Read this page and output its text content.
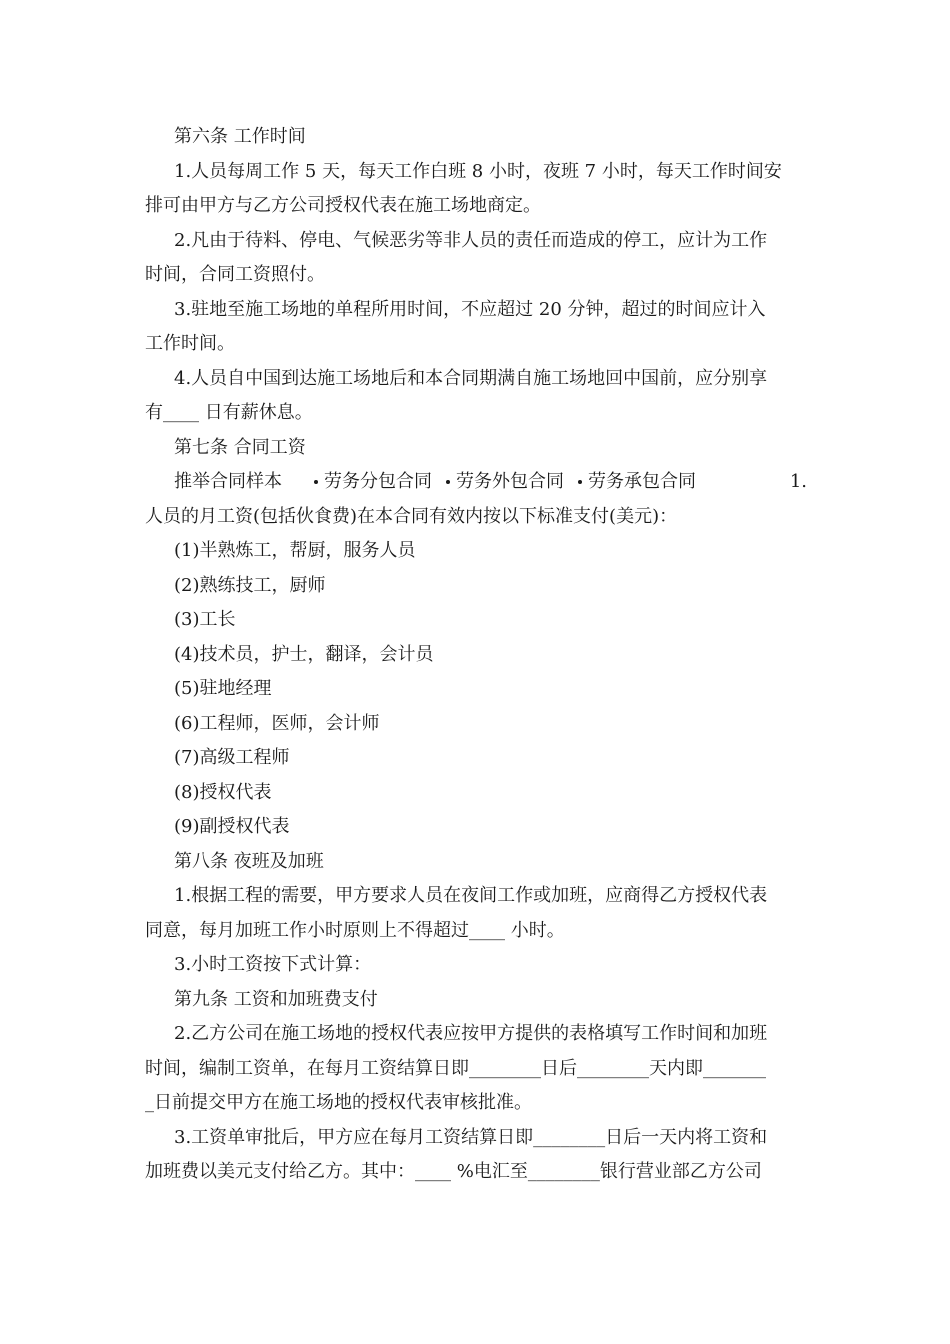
第六条 工作时间
1.人员每周工作 5 天，每天工作白班 8 小时，夜班 7 小时，每天工作时间安
排可由甲方与乙方公司授权代表在施工场地商定。
2.凡由于待料、停电、气候恶劣等非人员的责任而造成的停工，应计为工作
时间，合同工资照付。
3.驻地至施工场地的单程所用时间，不应超过 20 分钟，超过的时间应计入
工作时间。
4.人员自中国到达施工场地后和本合同期满自施工场地回中国前，应分别享
有____ 日有薪休息。
第七条 合同工资
推举合同样本	劳务分包合同	劳务外包合同	劳务承包合同	1.
人员的月工资(包括伙食费)在本合同有效内按以下标准支付(美元)：
(1)半熟炼工，帮厨，服务人员
(2)熟练技工，厨师
(3)工长
(4)技术员，护士，翻译，会计员
(5)驻地经理
(6)工程师，医师，会计师
(7)高级工程师
(8)授权代表
(9)副授权代表
第八条 夜班及加班
1.根据工程的需要，甲方要求人员在夜间工作或加班，应商得乙方授权代表
同意，每月加班工作小时原则上不得超过____ 小时。
3.小时工资按下式计算：
第九条 工资和加班费支付
2.乙方公司在施工场地的授权代表应按甲方提供的表格填写工作时间和加班
时间，编制工资单，在每月工资结算日即________日后________天内即_______
_日前提交甲方在施工场地的授权代表审核批准。
3.工资单审批后，甲方应在每月工资结算日即________日后一天内将工资和
加班费以美元支付给乙方。其中：____ %电汇至________银行营业部乙方公司
